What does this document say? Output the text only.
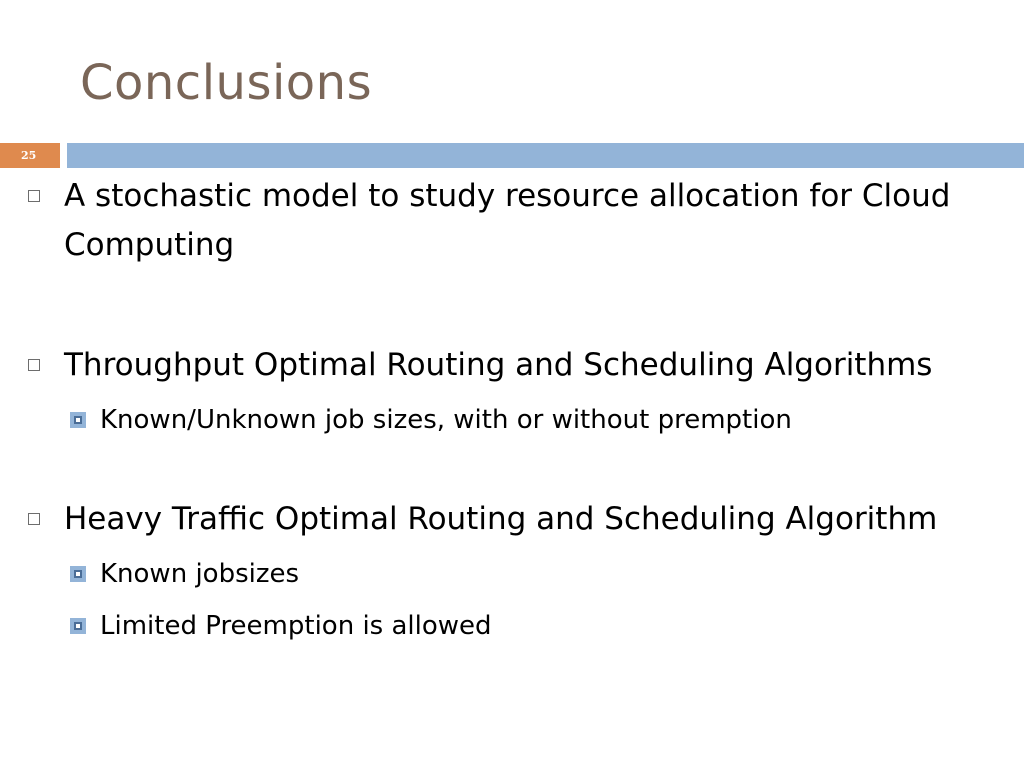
Conclusions
25
A stochastic model to study resource allocation for Cloud Computing
Throughput Optimal Routing and Scheduling Algorithms
Known/Unknown job sizes, with or without premption
Heavy Traffic Optimal Routing and Scheduling Algorithm
Known jobsizes
Limited Preemption is allowed
